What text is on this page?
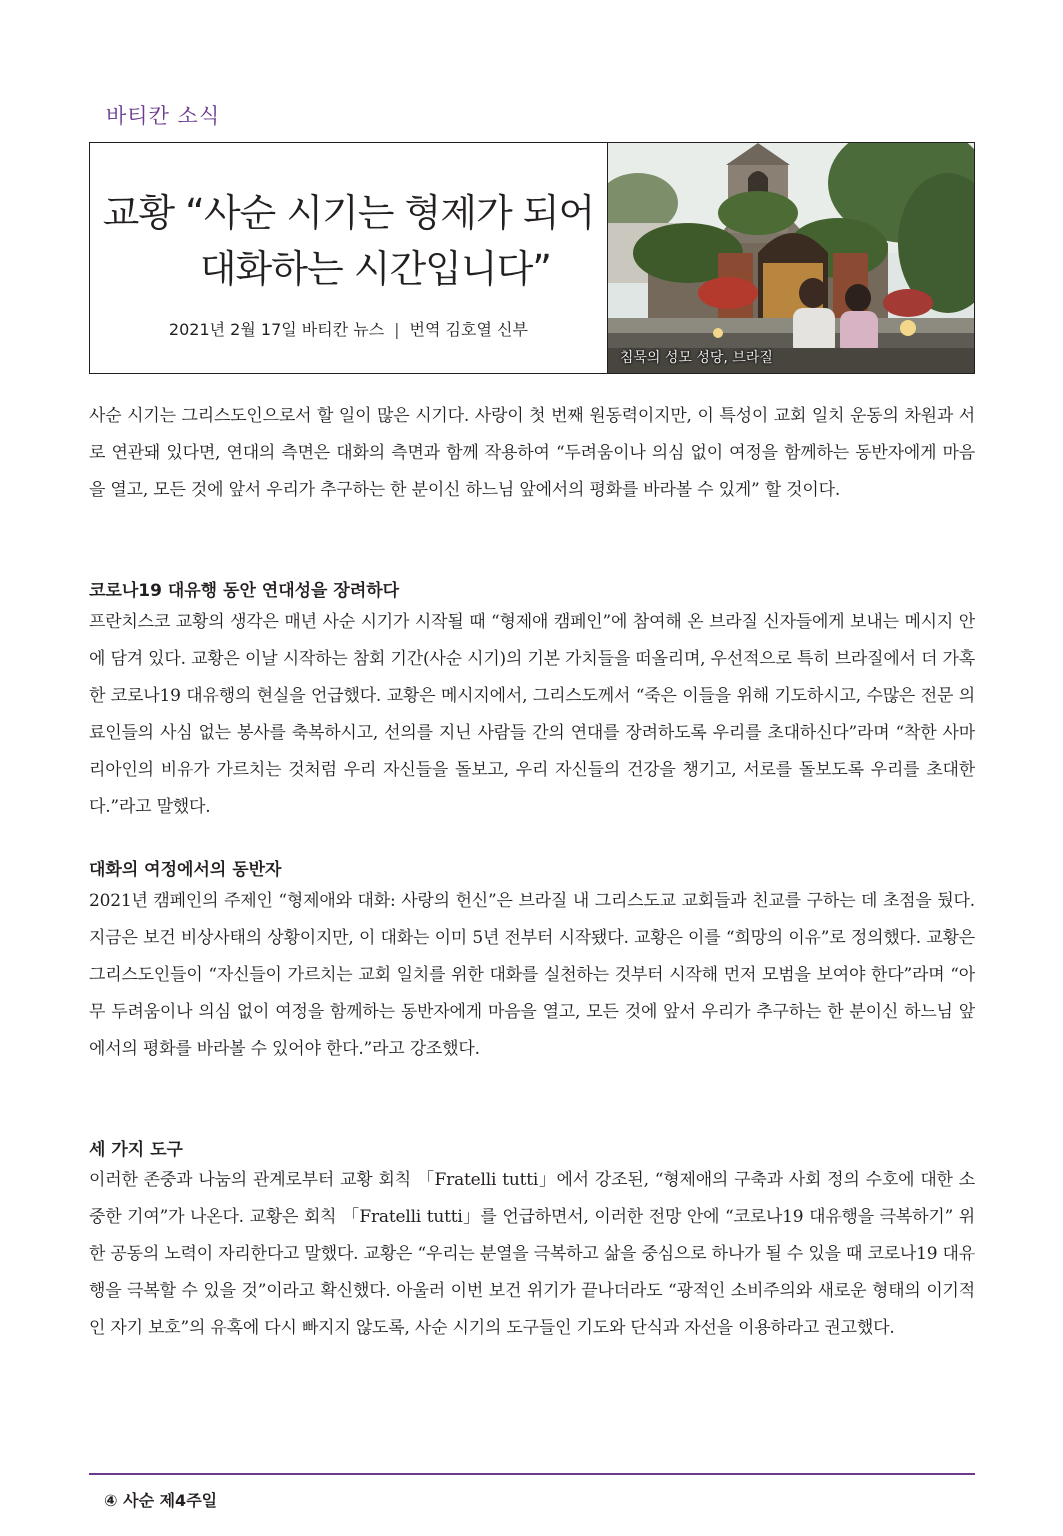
바티칸 소식
교황 “사순 시기는 형제가 되어
대화하는 시간입니다”
2021년 2월 17일 바티칸 뉴스 | 번역 김호열 신부
침묵의 성모 성당, 브라질
사순 시기는 그리스도인으로서 할 일이 많은 시기다. 사랑이 첫 번째 원동력이지만, 이 특성이 교회 일치 운동의 차원과 서로 연관돼 있다면, 연대의 측면은 대화의 측면과 함께 작용하여 “두려움이나 의심 없이 여정을 함께하는 동반자에게 마음을 열고, 모든 것에 앞서 우리가 추구하는 한 분이신 하느님 앞에서의 평화를 바라볼 수 있게” 할 것이다.
코로나19 대유행 동안 연대성을 장려하다
프란치스코 교황의 생각은 매년 사순 시기가 시작될 때 “형제애 캠페인”에 참여해 온 브라질 신자들에게 보내는 메시지 안에 담겨 있다. 교황은 이날 시작하는 참회 기간(사순 시기)의 기본 가치들을 떠올리며, 우선적으로 특히 브라질에서 더 가혹한 코로나19 대유행의 현실을 언급했다. 교황은 메시지에서, 그리스도께서 “죽은 이들을 위해 기도하시고, 수많은 전문 의료인들의 사심 없는 봉사를 축복하시고, 선의를 지닌 사람들 간의 연대를 장려하도록 우리를 초대하신다”라며 “착한 사마리아인의 비유가 가르치는 것처럼 우리 자신들을 돌보고, 우리 자신들의 건강을 챙기고, 서로를 돌보도록 우리를 초대한다.”라고 말했다.
대화의 여정에서의 동반자
2021년 캠페인의 주제인 “형제애와 대화: 사랑의 헌신”은 브라질 내 그리스도교 교회들과 친교를 구하는 데 초점을 뒀다. 지금은 보건 비상사태의 상황이지만, 이 대화는 이미 5년 전부터 시작됐다. 교황은 이를 “희망의 이유”로 정의했다. 교황은 그리스도인들이 “자신들이 가르치는 교회 일치를 위한 대화를 실천하는 것부터 시작해 먼저 모범을 보여야 한다”라며 “아무 두려움이나 의심 없이 여정을 함께하는 동반자에게 마음을 열고, 모든 것에 앞서 우리가 추구하는 한 분이신 하느님 앞에서의 평화를 바라볼 수 있어야 한다.”라고 강조했다.
세 가지 도구
이러한 존중과 나눔의 관계로부터 교황 회칙 「Fratelli tutti」에서 강조된, “형제애의 구축과 사회 정의 수호에 대한 소중한 기여”가 나온다. 교황은 회칙 「Fratelli tutti」를 언급하면서, 이러한 전망 안에 “코로나19 대유행을 극복하기” 위한 공동의 노력이 자리한다고 말했다. 교황은 “우리는 분열을 극복하고 삶을 중심으로 하나가 될 수 있을 때 코로나19 대유행을 극복할 수 있을 것”이라고 확신했다. 아울러 이번 보건 위기가 끝나더라도 “광적인 소비주의와 새로운 형태의 이기적인 자기 보호”의 유혹에 다시 빠지지 않도록, 사순 시기의 도구들인 기도와 단식과 자선을 이용하라고 권고했다.
④ 사순 제4주일
